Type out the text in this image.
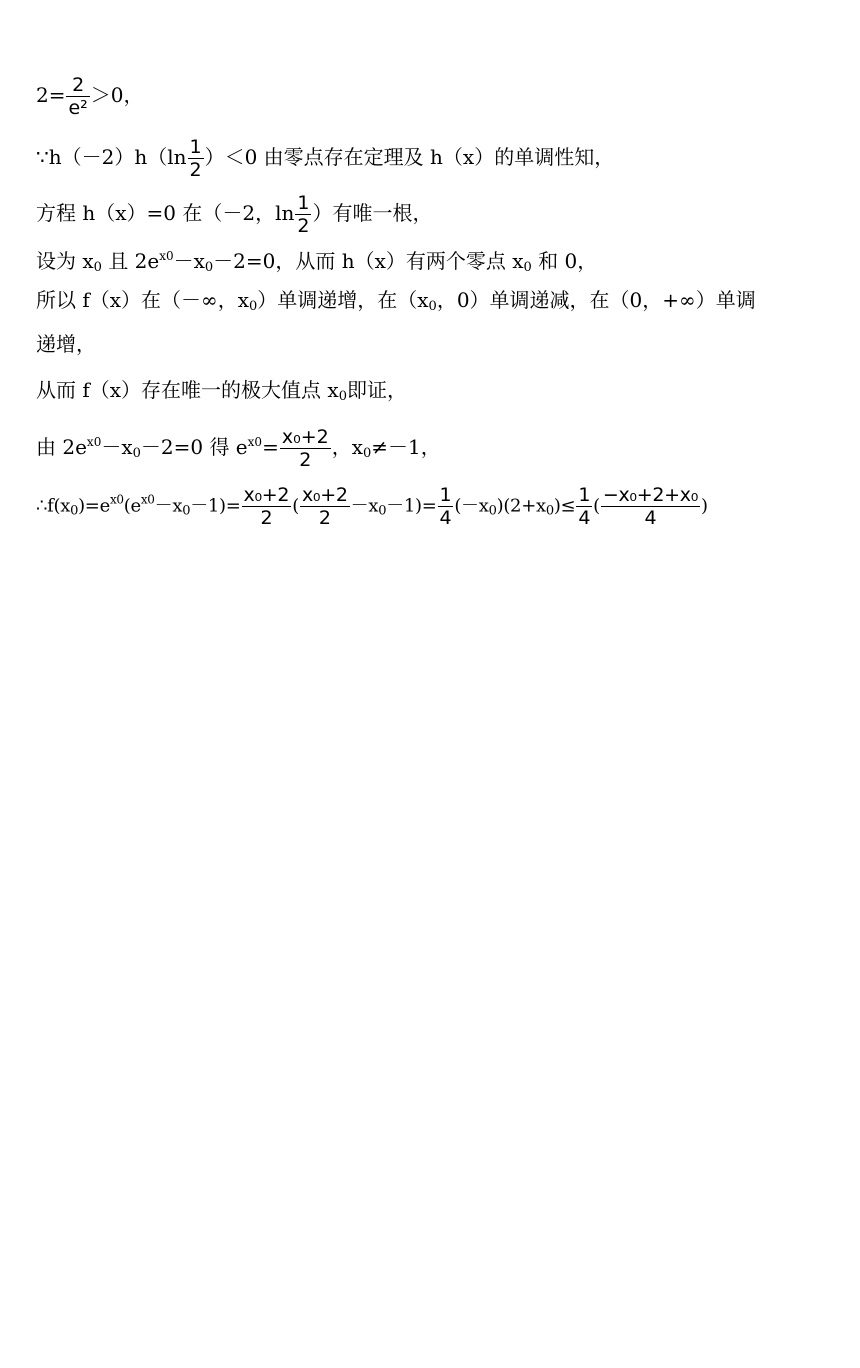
$2= \frac{2}{\text{e²}} >0$，
∵h（－2）h（ln $\frac{1}{2} )<0$ 由零点存在定理及 h（x）的单调性知，
方程 h（x）=0 在（－2，$\ln \frac{1}{2}$ ）有唯一根，
设为 $x_0$ 且 $2e^{x0}-x_0-2=0$，从而 h（x）有两个零点 $x_0$ 和 0，
所以 f（x）在（－∞，$x_0$）单调递增，在（$x_0$，0）单调递减，在（0，+∞）单调
递增，
从而 f（x）存在唯一的极大值点 $x_0$即证，
由 $2e^{x0}-x_0-2=0$ 得 $e^{x0}= \frac{\text{x₀+2}}{2}$ ，$x_0\ne-1$，
$\therefore f(x_0)=e^{x0}(e^{x0}-x_0-1)= \frac{\text{x₀+2}}{2}$ ( $\frac{\text{x₀+2}}{2} -x_0-1)= \frac{1}{4} (-x_0)(2+x_0)\le \frac{1}{4}$ ( $\frac{\text{−x₀+2+x₀}}{4}$ )
